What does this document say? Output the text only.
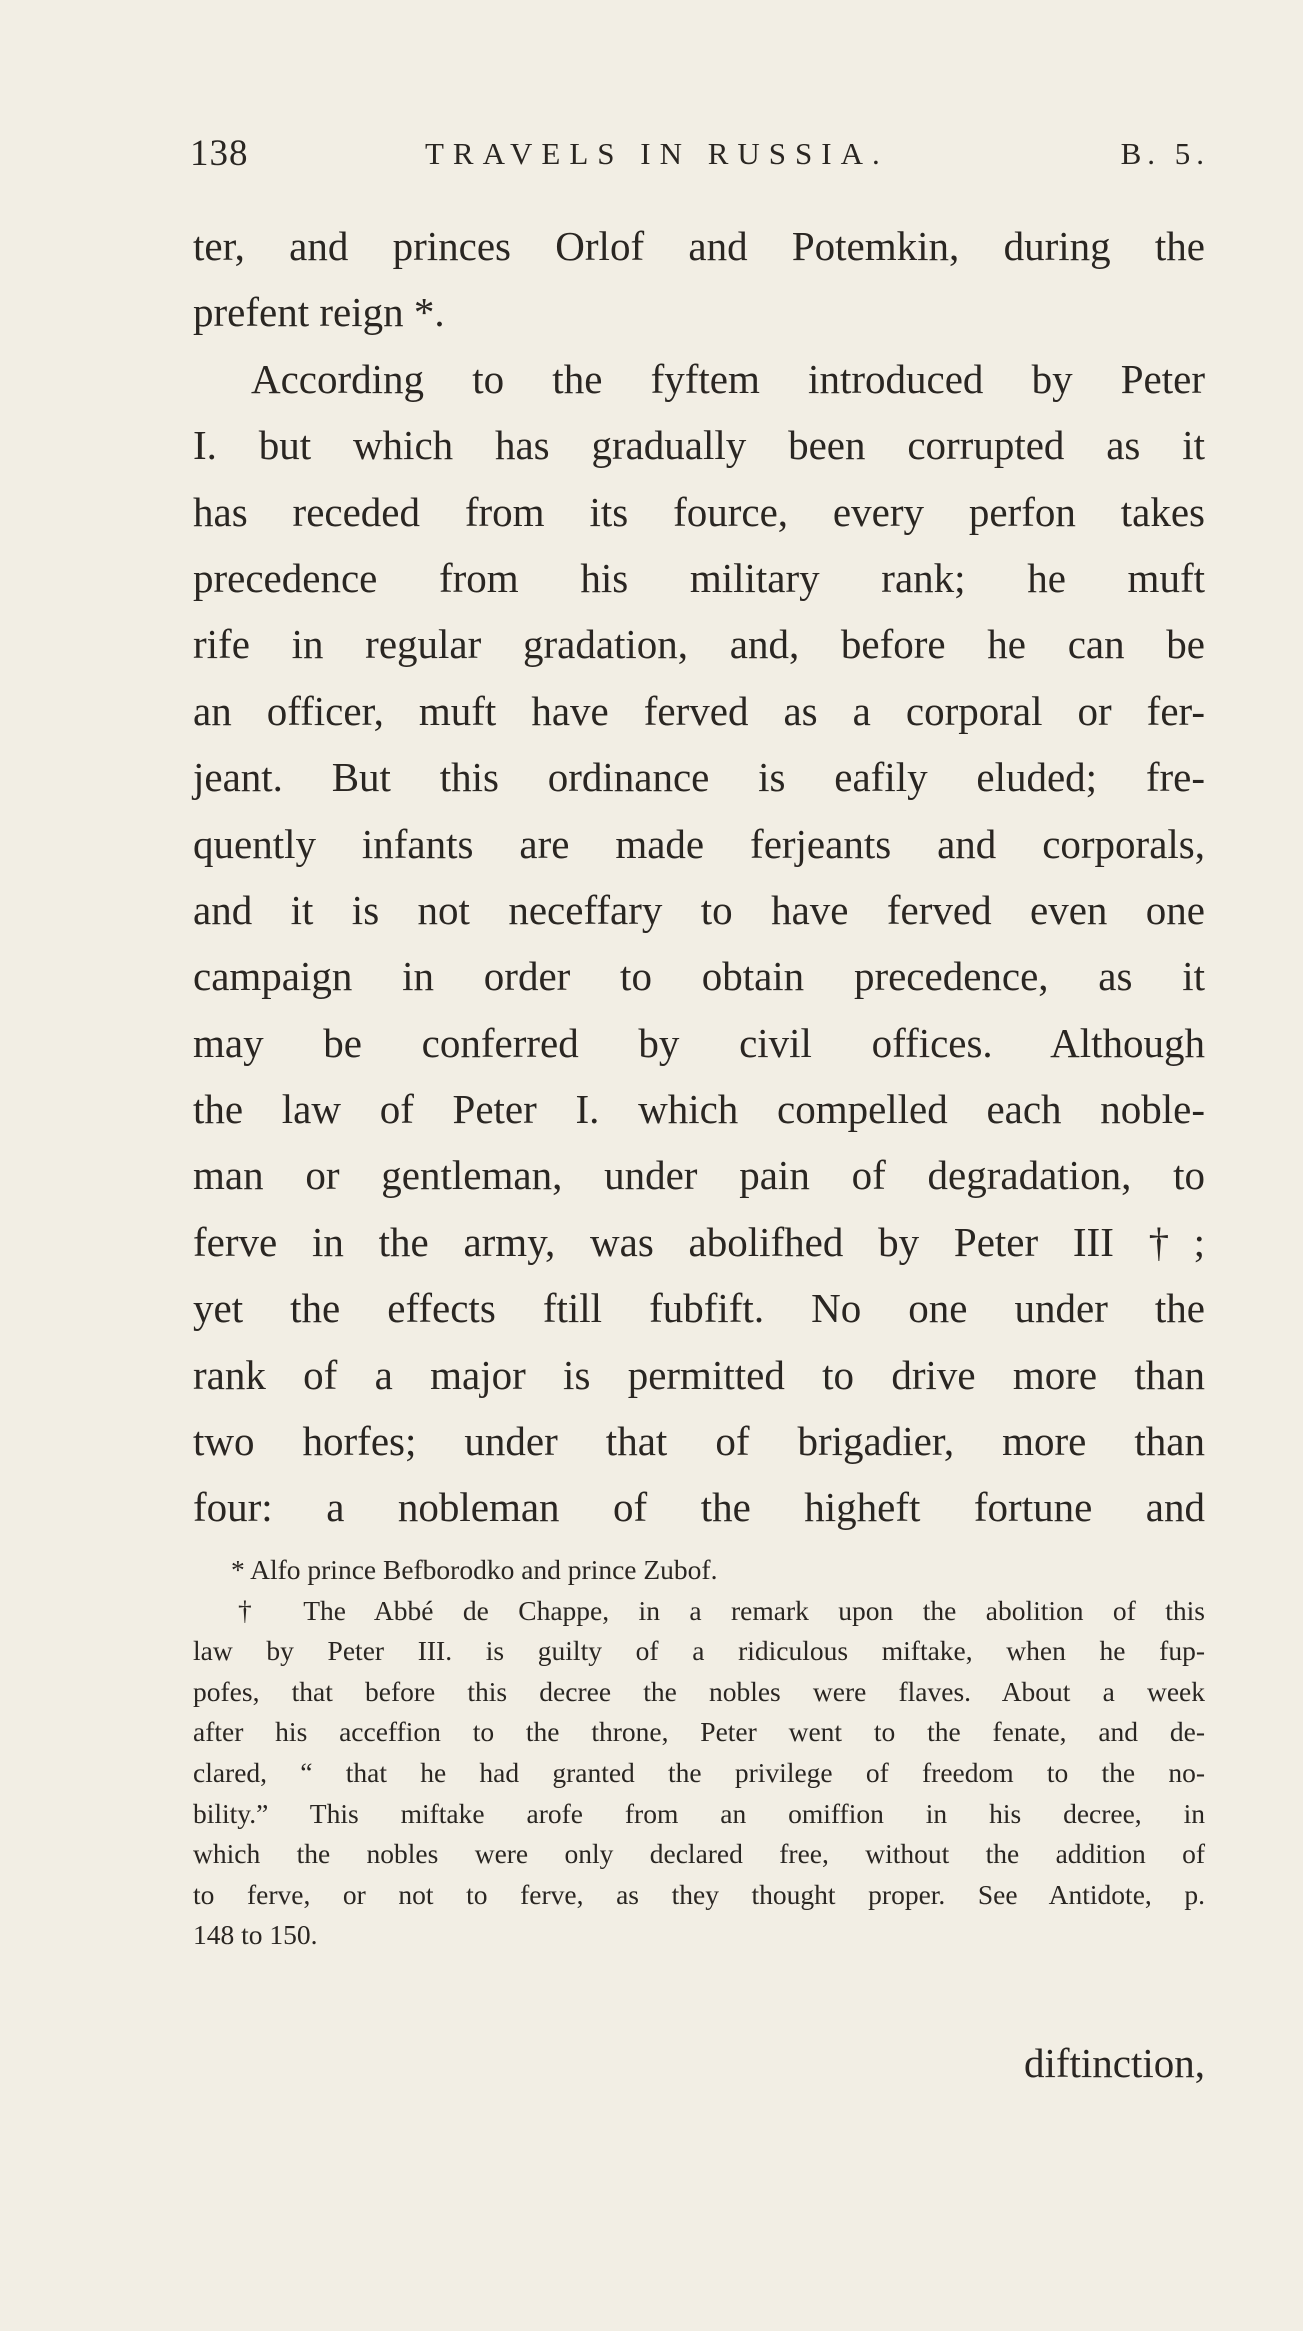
138	TRAVELS IN RUSSIA.	B. 5.
ter, and princes Orlof and Potemkin, during the
prefent reign *.
According to the fyftem introduced by Peter
I. but which has gradually been corrupted as it
has receded from its fource, every perfon takes
precedence from his military rank; he muft
rife in regular gradation, and, before he can be
an officer, muft have ferved as a corporal or fer-
jeant. But this ordinance is eafily eluded; fre-
quently infants are made ferjeants and corporals,
and it is not neceffary to have ferved even one
campaign in order to obtain precedence, as it
may be conferred by civil offices. Although
the law of Peter I. which compelled each noble-
man or gentleman, under pain of degradation, to
ferve in the army, was abolifhed by Peter III †;
yet the effects ftill fubfift. No one under the
rank of a major is permitted to drive more than
two horfes; under that of brigadier, more than
four: a nobleman of the higheft fortune and
* Alfo prince Befborodko and prince Zubof.
† The Abbé de Chappe, in a remark upon the abolition of this
law by Peter III. is guilty of a ridiculous miftake, when he fup-
pofes, that before this decree the nobles were flaves. About a week
after his acceffion to the throne, Peter went to the fenate, and de-
clared, “ that he had granted the privilege of freedom to the no-
bility.” This miftake arofe from an omiffion in his decree, in
which the nobles were only declared free, without the addition of
to ferve, or not to ferve, as they thought proper. See Antidote, p.
148 to 150.
diftinction,
